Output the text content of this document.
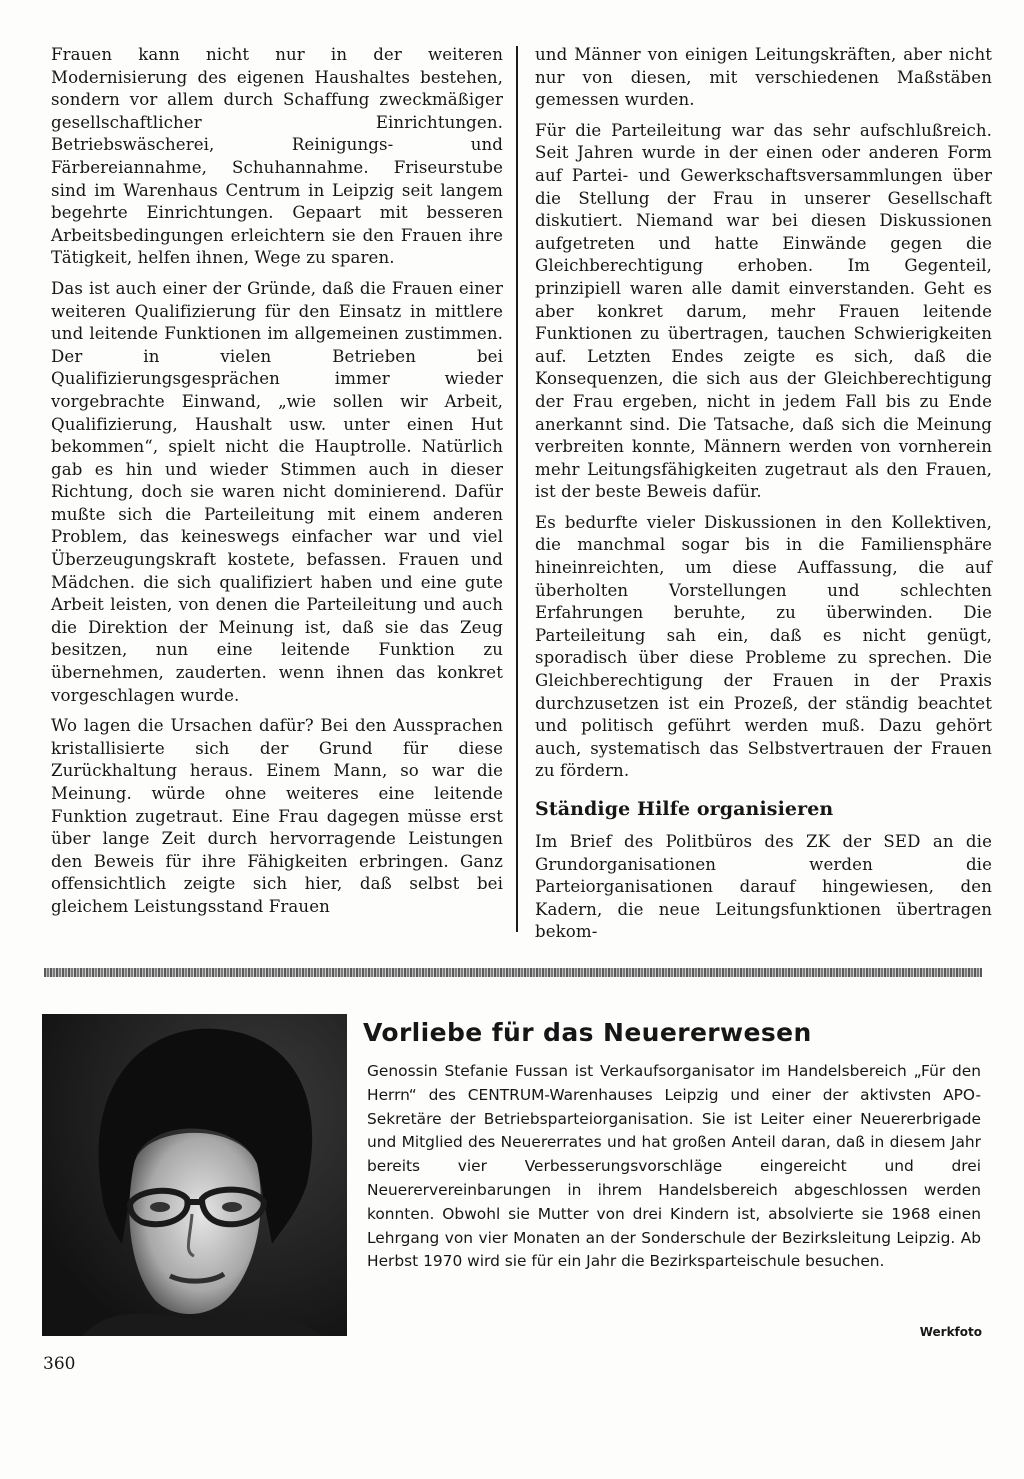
Frauen kann nicht nur in der weiteren Modernisierung des eigenen Haushaltes bestehen, sondern vor allem durch Schaffung zweckmäßiger gesellschaftlicher Einrichtungen. Betriebswäscherei, Reinigungs- und Färbereiannahme, Schuhannahme. Friseurstube sind im Warenhaus Centrum in Leipzig seit langem begehrte Einrichtungen. Gepaart mit besseren Arbeitsbedingungen erleichtern sie den Frauen ihre Tätigkeit, helfen ihnen, Wege zu sparen.

Das ist auch einer der Gründe, daß die Frauen einer weiteren Qualifizierung für den Einsatz in mittlere und leitende Funktionen im allgemeinen zustimmen. Der in vielen Betrieben bei Qualifizierungsgesprächen immer wieder vorgebrachte Einwand, „wie sollen wir Arbeit, Qualifizierung, Haushalt usw. unter einen Hut bekommen“, spielt nicht die Hauptrolle. Natürlich gab es hin und wieder Stimmen auch in dieser Richtung, doch sie waren nicht dominierend. Dafür mußte sich die Parteileitung mit einem anderen Problem, das keineswegs einfacher war und viel Überzeugungskraft kostete, befassen. Frauen und Mädchen. die sich qualifiziert haben und eine gute Arbeit leisten, von denen die Parteileitung und auch die Direktion der Meinung ist, daß sie das Zeug besitzen, nun eine leitende Funktion zu übernehmen, zauderten. wenn ihnen das konkret vorgeschlagen wurde.

Wo lagen die Ursachen dafür? Bei den Aussprachen kristallisierte sich der Grund für diese Zurückhaltung heraus. Einem Mann, so war die Meinung. würde ohne weiteres eine leitende Funktion zugetraut. Eine Frau dagegen müsse erst über lange Zeit durch hervorragende Leistungen den Beweis für ihre Fähigkeiten erbringen. Ganz offensichtlich zeigte sich hier, daß selbst bei gleichem Leistungsstand Frauen

und Männer von einigen Leitungskräften, aber nicht nur von diesen, mit verschiedenen Maßstäben gemessen wurden.

Für die Parteileitung war das sehr aufschlußreich. Seit Jahren wurde in der einen oder anderen Form auf Partei- und Gewerkschaftsversammlungen über die Stellung der Frau in unserer Gesellschaft diskutiert. Niemand war bei diesen Diskussionen aufgetreten und hatte Einwände gegen die Gleichberechtigung erhoben. Im Gegenteil, prinzipiell waren alle damit einverstanden. Geht es aber konkret darum, mehr Frauen leitende Funktionen zu übertragen, tauchen Schwierigkeiten auf. Letzten Endes zeigte es sich, daß die Konsequenzen, die sich aus der Gleichberechtigung der Frau ergeben, nicht in jedem Fall bis zu Ende anerkannt sind. Die Tatsache, daß sich die Meinung verbreiten konnte, Männern werden von vornherein mehr Leitungsfähigkeiten zugetraut als den Frauen, ist der beste Beweis dafür.

Es bedurfte vieler Diskussionen in den Kollektiven, die manchmal sogar bis in die Familiensphäre hineinreichten, um diese Auffassung, die auf überholten Vorstellungen und schlechten Erfahrungen beruhte, zu überwinden. Die Parteileitung sah ein, daß es nicht genügt, sporadisch über diese Probleme zu sprechen. Die Gleichberechtigung der Frauen in der Praxis durchzusetzen ist ein Prozeß, der ständig beachtet und politisch geführt werden muß. Dazu gehört auch, systematisch das Selbstvertrauen der Frauen zu fördern.

Ständige Hilfe organisieren

Im Brief des Politbüros des ZK der SED an die Grundorganisationen werden die Parteiorganisationen darauf hingewiesen, den Kadern, die neue Leitungsfunktionen übertragen bekom-

Vorliebe für das Neuererwesen

Genossin Stefanie Fussan ist Verkaufsorganisator im Handelsbereich „Für den Herrn“ des CENTRUM-Warenhauses Leipzig und einer der aktivsten APO-Sekretäre der Betriebsparteiorganisation. Sie ist Leiter einer Neuererbrigade und Mitglied des Neuererrates und hat großen Anteil daran, daß in diesem Jahr bereits vier Verbesserungsvorschläge eingereicht und drei Neuerervereinbarungen in ihrem Handelsbereich abgeschlossen werden konnten. Obwohl sie Mutter von drei Kindern ist, absolvierte sie 1968 einen Lehrgang von vier Monaten an der Sonderschule der Bezirksleitung Leipzig. Ab Herbst 1970 wird sie für ein Jahr die Bezirksparteischule besuchen.

Werkfoto
360
